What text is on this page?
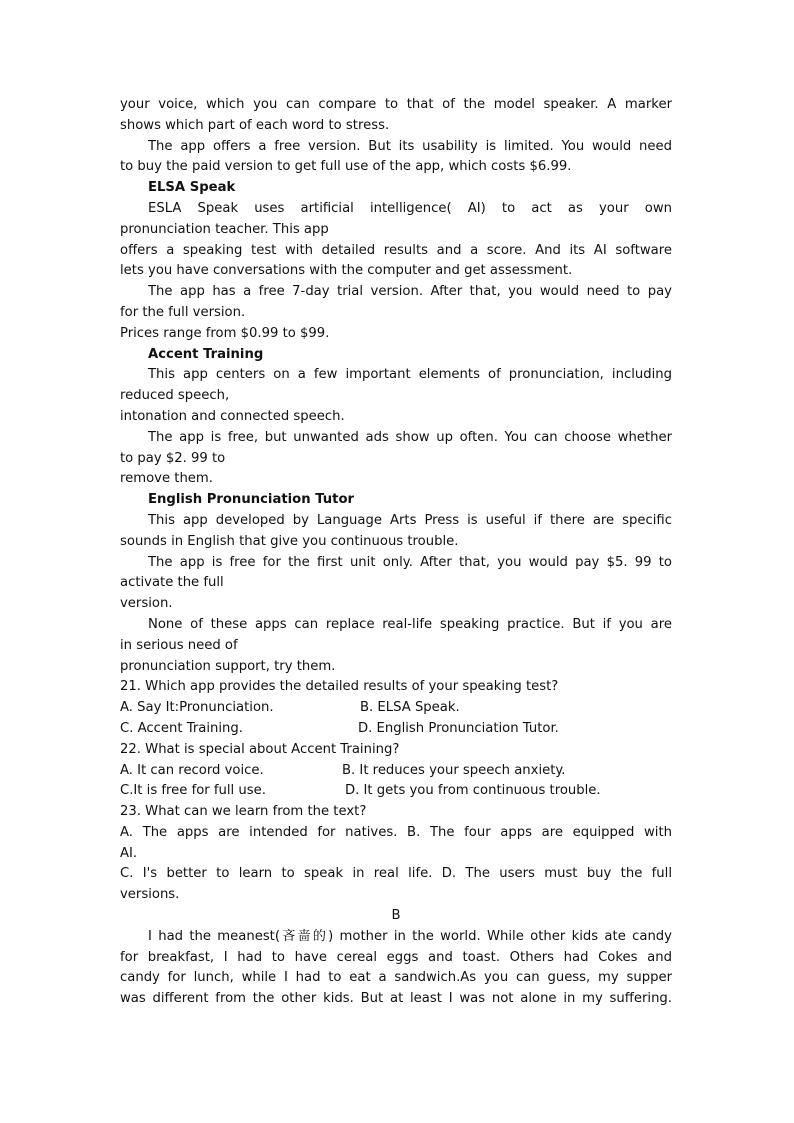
your voice, which you can compare to that of the model speaker. A marker

shows which part of each word to stress.

The app offers a free version. But its usability is limited. You would need

to buy the paid version to get full use of the app, which costs $6.99.

ELSA Speak

ESLA Speak uses artificial intelligence( AI) to act as your own

pronunciation teacher. This app

offers a speaking test with detailed results and a score. And its AI software

lets you have conversations with the computer and get assessment.

The app has a free 7-day trial version. After that, you would need to pay

for the full version.

Prices range from $0.99 to $99.

Accent Training

This app centers on a few important elements of pronunciation, including

reduced speech,

intonation and connected speech.

The app is free, but unwanted ads show up often. You can choose whether

to pay $2. 99 to

remove them.

English Pronunciation Tutor

This app developed by Language Arts Press is useful if there are specific

sounds in English that give you continuous trouble.

The app is free for the first unit only. After that, you would pay $5. 99 to

activate the full

version.

None of these apps can replace real-life speaking practice. But if you are

in serious need of

pronunciation support, try them.

21. Which app provides the detailed results of your speaking test?

A. Say It:Pronunciation.	B. ELSA Speak.
C. Accent Training.	D. English Pronunciation Tutor.

22. What is special about Accent Training?

A. It can record voice.	B. It reduces your speech anxiety.
C.It is free for full use.	D. It gets you from continuous trouble.

23. What can we learn from the text?

A. The apps are intended for natives. B. The four apps are equipped with

AI.

C. I's better to learn to speak in real life. D. The users must buy the full

versions.

B

I had the meanest(吝啬的) mother in the world. While other kids ate candy

for breakfast, I had to have cereal eggs and toast. Others had Cokes and

candy for lunch, while I had to eat a sandwich.As you can guess, my supper

was different from the other kids. But at least I was not alone in my suffering.
